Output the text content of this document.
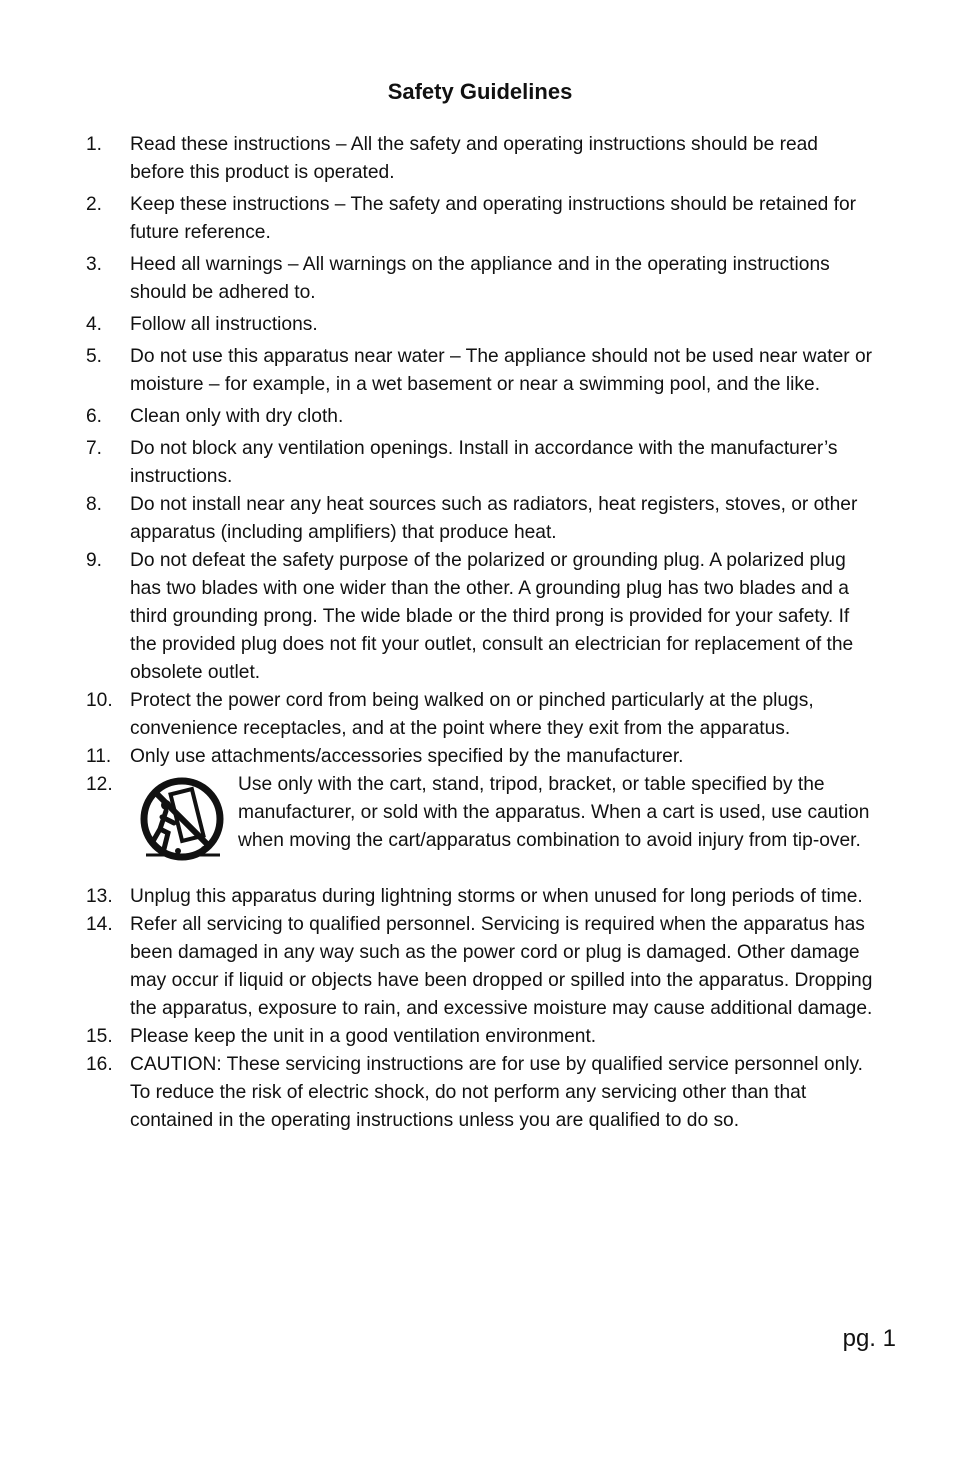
Safety Guidelines
1. Read these instructions – All the safety and operating instructions should be read before this product is operated.
2. Keep these instructions – The safety and operating instructions should be retained for future reference.
3. Heed all warnings – All warnings on the appliance and in the operating instructions should be adhered to.
4. Follow all instructions.
5. Do not use this apparatus near water – The appliance should not be used near water or moisture – for example, in a wet basement or near a swimming pool, and the like.
6. Clean only with dry cloth.
7. Do not block any ventilation openings. Install in accordance with the manufacturer’s instructions.
8. Do not install near any heat sources such as radiators, heat registers, stoves, or other apparatus (including amplifiers) that produce heat.
9. Do not defeat the safety purpose of the polarized or grounding plug. A polarized plug has two blades with one wider than the other. A grounding plug has two blades and a third grounding prong. The wide blade or the third prong is provided for your safety. If the provided plug does not fit your outlet, consult an electrician for replacement of the obsolete outlet.
10. Protect the power cord from being walked on or pinched particularly at the plugs, convenience receptacles, and at the point where they exit from the apparatus.
11. Only use attachments/accessories specified by the manufacturer.
12.	Use only with the cart, stand, tripod, bracket, or table specified by the manufacturer, or sold with the apparatus. When a cart is used, use caution when moving the cart/apparatus combination to avoid injury from tip-over.
13. Unplug this apparatus during lightning storms or when unused for long periods of time.
14. Refer all servicing to qualified personnel. Servicing is required when the apparatus has been damaged in any way such as the power cord or plug is damaged. Other damage may occur if liquid or objects have been dropped or spilled into the apparatus. Dropping the apparatus, exposure to rain, and excessive moisture may cause additional damage.
15. Please keep the unit in a good ventilation environment.
16. CAUTION: These servicing instructions are for use by qualified service personnel only. To reduce the risk of electric shock, do not perform any servicing other than that contained in the operating instructions unless you are qualified to do so.
pg. 1
